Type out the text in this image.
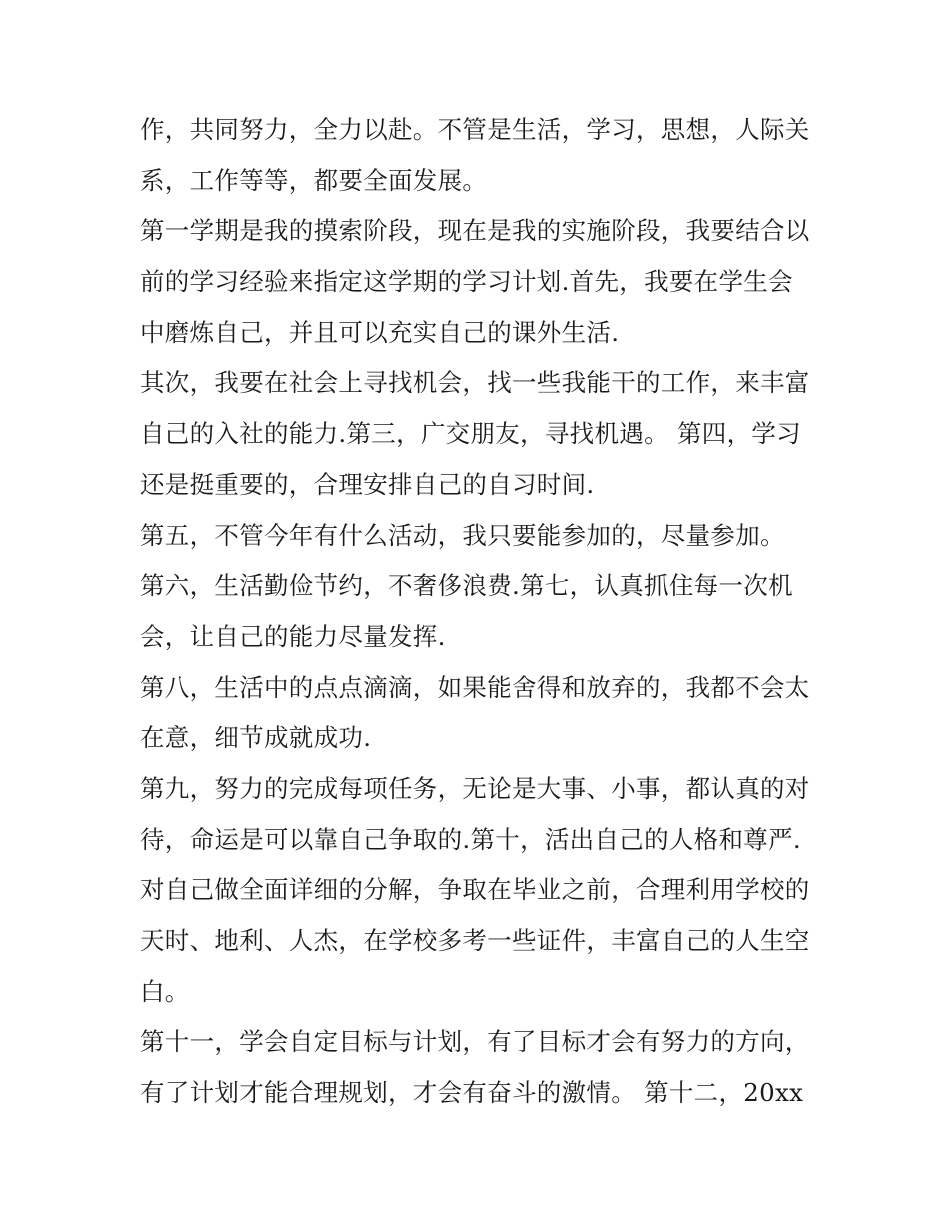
作，共同努力，全力以赴。不管是生活，学习，思想，人际关
系，工作等等，都要全面发展。
第一学期是我的摸索阶段，现在是我的实施阶段，我要结合以
前的学习经验来指定这学期的学习计划.首先，我要在学生会
中磨炼自己，并且可以充实自己的课外生活.
其次，我要在社会上寻找机会，找一些我能干的工作，来丰富
自己的入社的能力.第三，广交朋友，寻找机遇。 第四，学习
还是挺重要的，合理安排自己的自习时间.
第五，不管今年有什么活动，我只要能参加的，尽量参加。
第六，生活勤俭节约，不奢侈浪费.第七，认真抓住每一次机
会，让自己的能力尽量发挥.
第八，生活中的点点滴滴，如果能舍得和放弃的，我都不会太
在意，细节成就成功.
第九，努力的完成每项任务，无论是大事、小事，都认真的对
待，命运是可以靠自己争取的.第十，活出自己的人格和尊严.
对自己做全面详细的分解，争取在毕业之前，合理利用学校的
天时、地利、人杰，在学校多考一些证件，丰富自己的人生空
白。
第十一，学会自定目标与计划，有了目标才会有努力的方向，
有了计划才能合理规划，才会有奋斗的激情。 第十二，20xx
